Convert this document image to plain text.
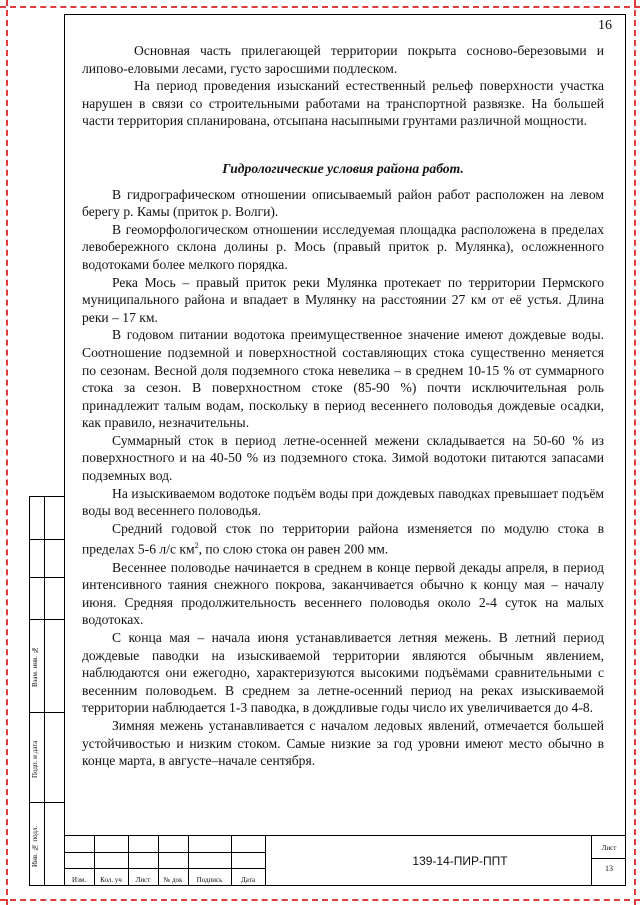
16

Основная часть прилегающей территории покрыта сосново-березовыми и липово-еловыми лесами, густо заросшими подлеском.

На период проведения изысканий естественный рельеф поверхности участка нарушен в связи со строительными работами на транспортной развязке. На большей части территория спланирована, отсыпана насыпными грунтами различной мощности.

Гидрологические условия района работ.

В гидрографическом отношении описываемый район работ расположен на левом берегу р. Камы (приток р. Волги).

В геоморфологическом отношении исследуемая площадка расположена в пределах левобережного склона долины р. Мось (правый приток р. Мулянка), осложненного водотоками более мелкого порядка.

Река Мось – правый приток реки Мулянка протекает по территории Пермского муниципального района и впадает в Мулянку на расстоянии 27 км от её устья. Длина реки – 17 км.

В годовом питании водотока преимущественное значение имеют дождевые воды. Соотношение подземной и поверхностной составляющих стока существенно меняется по сезонам. Весной доля подземного стока невелика – в среднем 10-15 % от суммарного стока за сезон. В поверхностном стоке (85-90 %) почти исключительная роль принадлежит талым водам, поскольку в период весеннего половодья дождевые осадки, как правило, незначительны.

Суммарный сток в период летне-осенней межени складывается на 50-60 % из поверхностного и на 40-50 % из подземного стока. Зимой водотоки питаются запасами подземных вод.

На изыскиваемом водотоке подъём воды при дождевых паводках превышает подъём воды вод весеннего половодья.

Средний годовой сток по территории района изменяется по модулю стока в пределах 5-6 л/с $км^2$, по слою стока он равен 200 мм.

Весеннее половодье начинается в среднем в конце первой декады апреля, в период интенсивного таяния снежного покрова, заканчивается обычно к концу мая – началу июня. Средняя продолжительность весеннего половодья около 2-4 суток на малых водотоках.

С конца мая – начала июня устанавливается летняя межень. В летний период дождевые паводки на изыскиваемой территории являются обычным явлением, наблюдаются они ежегодно, характеризуются высокими подъёмами сравнительными с весенним половодьем. В среднем за летне-осенний период на реках изыскиваемой территории наблюдается 1-3 паводка, в дождливые годы число их увеличивается до 4-8.

Зимняя межень устанавливается с началом ледовых явлений, отмечается большей устойчивостью и низким стоком. Самые низкие за год уровни имеют место обычно в конце марта, в августе–начале сентября.

Взам. инв. №
Подп. и дата
Инв. № подл.
Изм.	Кол. уч	Лист	№ док	Подпись	Дата
139-14-ПИР-ППТ
Лист
13
